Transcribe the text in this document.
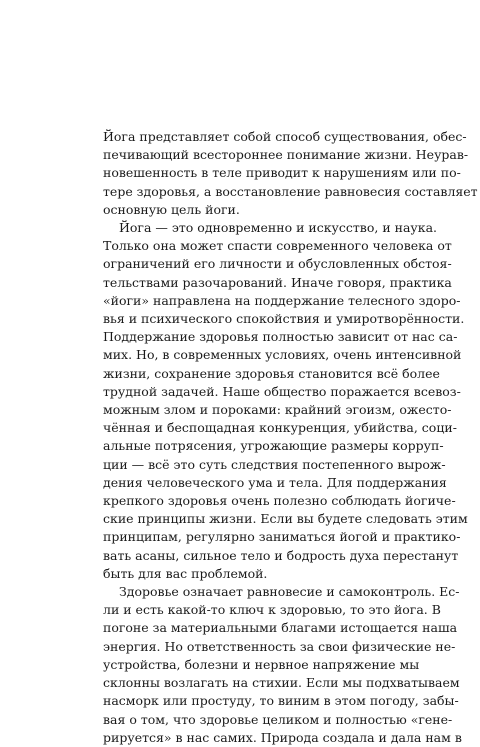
Йога представляет собой способ существования, обес-
печивающий всестороннее понимание жизни. Неурав-
новешенность в теле приводит к нарушениям или по-
тере здоровья, а восстановление равновесия составляет
основную цель йоги.

Йога — это одновременно и искусство, и наука.
Только она может спасти современного человека от
ограничений его личности и обусловленных обстоя-
тельствами разочарований. Иначе говоря, практика
«йоги» направлена на поддержание телесного здоро-
вья и психического спокойствия и умиротворённости.
Поддержание здоровья полностью зависит от нас са-
мих. Но, в современных условиях, очень интенсивной
жизни, сохранение здоровья становится всё более
трудной задачей. Наше общество поражается всевоз-
можным злом и пороками: крайний эгоизм, ожесто-
чённая и беспощадная конкуренция, убийства, соци-
альные потрясения, угрожающие размеры корруп-
ции — всё это суть следствия постепенного вырож-
дения человеческого ума и тела. Для поддержания
крепкого здоровья очень полезно соблюдать йогиче-
ские принципы жизни. Если вы будете следовать этим
принципам, регулярно заниматься йогой и практико-
вать асаны, сильное тело и бодрость духа перестанут
быть для вас проблемой.

Здоровье означает равновесие и самоконтроль. Ес-
ли и есть какой-то ключ к здоровью, то это йога. В
погоне за материальными благами истощается наша
энергия. Но ответственность за свои физические не-
устройства, болезни и нервное напряжение мы
склонны возлагать на стихии. Если мы подхватываем
насморк или простуду, то виним в этом погоду, забы-
вая о том, что здоровье целиком и полностью «гене-
рируется» в нас самих. Природа создала и дала нам в
